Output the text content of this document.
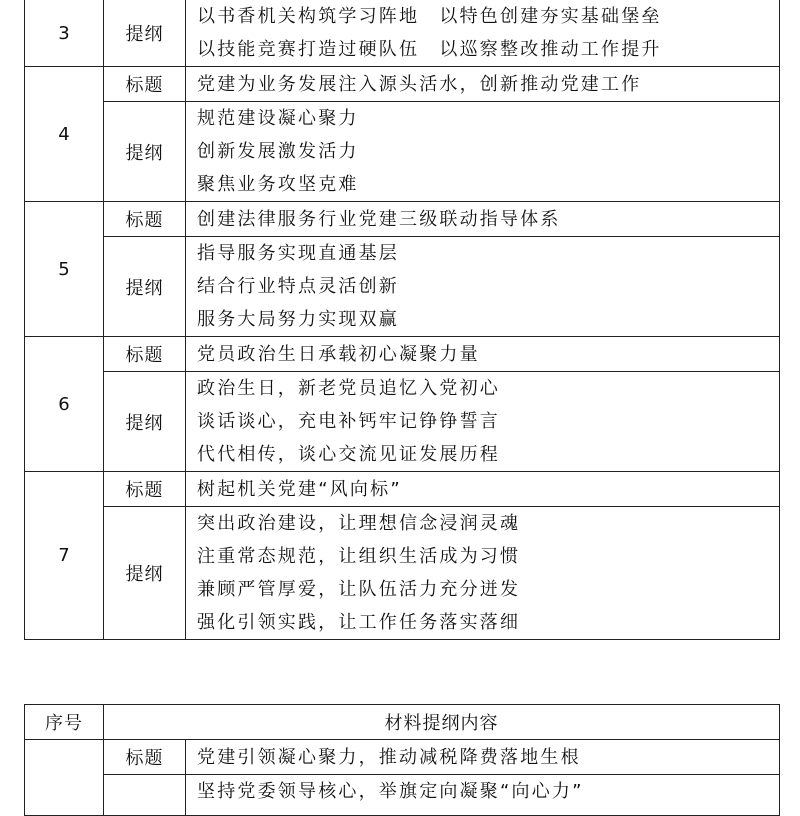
3	提纲	以书香机关构筑学习阵地　以特色创建夯实基础堡垒
以技能竞赛打造过硬队伍　以巡察整改推动工作提升

4	标题	党建为业务发展注入源头活水，创新推动党建工作

	提纲	规范建设凝心聚力
创新发展激发活力
聚焦业务攻坚克难

5	标题	创建法律服务行业党建三级联动指导体系

	提纲	指导服务实现直通基层
结合行业特点灵活创新
服务大局努力实现双赢

6	标题	党员政治生日承载初心凝聚力量

	提纲	政治生日，新老党员追忆入党初心
谈话谈心，充电补钙牢记铮铮誓言
代代相传，谈心交流见证发展历程

7	标题	树起机关党建“风向标”

	提纲	突出政治建设，让理想信念浸润灵魂
注重常态规范，让组织生活成为习惯
兼顾严管厚爱，让队伍活力充分迸发
强化引领实践，让工作任务落实落细
序号	材料提纲内容	
	标题	党建引领凝心聚力，推动减税降费落地生根

		坚持党委领导核心，举旗定向凝聚“向心力”
